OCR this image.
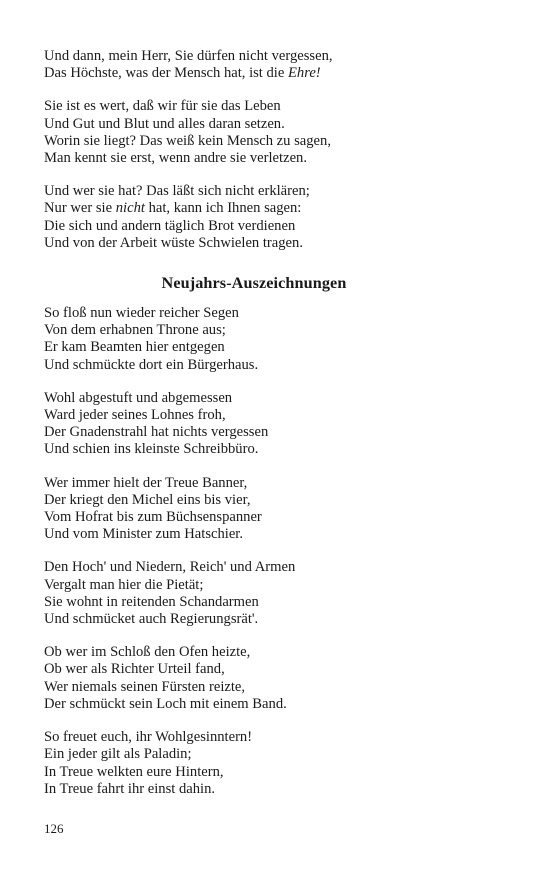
Und dann, mein Herr, Sie dürfen nicht vergessen,
Das Höchste, was der Mensch hat, ist die Ehre!
Sie ist es wert, daß wir für sie das Leben
Und Gut und Blut und alles daran setzen.
Worin sie liegt? Das weiß kein Mensch zu sagen,
Man kennt sie erst, wenn andre sie verletzen.
Und wer sie hat? Das läßt sich nicht erklären;
Nur wer sie nicht hat, kann ich Ihnen sagen:
Die sich und andern täglich Brot verdienen
Und von der Arbeit wüste Schwielen tragen.
Neujahrs-Auszeichnungen
So floß nun wieder reicher Segen
Von dem erhabnen Throne aus;
Er kam Beamten hier entgegen
Und schmückte dort ein Bürgerhaus.
Wohl abgestuft und abgemessen
Ward jeder seines Lohnes froh,
Der Gnadenstrahl hat nichts vergessen
Und schien ins kleinste Schreibbüro.
Wer immer hielt der Treue Banner,
Der kriegt den Michel eins bis vier,
Vom Hofrat bis zum Büchsenspanner
Und vom Minister zum Hatschier.
Den Hoch' und Niedern, Reich' und Armen
Vergalt man hier die Pietät;
Sie wohnt in reitenden Schandarmen
Und schmücket auch Regierungsrät'.
Ob wer im Schloß den Ofen heizte,
Ob wer als Richter Urteil fand,
Wer niemals seinen Fürsten reizte,
Der schmückt sein Loch mit einem Band.
So freuet euch, ihr Wohlgesinntern!
Ein jeder gilt als Paladin;
In Treue welkten eure Hintern,
In Treue fahrt ihr einst dahin.
126
